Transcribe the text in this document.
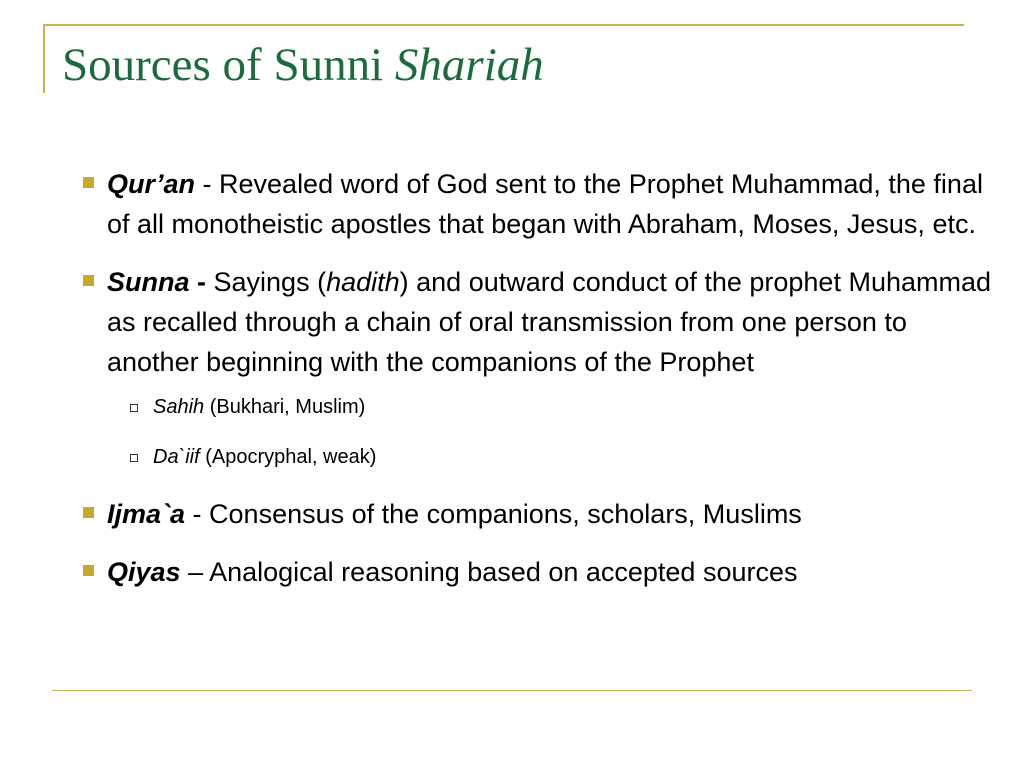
Sources of Sunni Shariah
Qur’an - Revealed word of God sent to the Prophet Muhammad, the final of all monotheistic apostles that began with Abraham, Moses, Jesus, etc.
Sunna - Sayings (hadith) and outward conduct of the prophet Muhammad as recalled through a chain of oral transmission from one person to another beginning with the companions of the Prophet
Sahih (Bukhari, Muslim)
Da`iif (Apocryphal, weak)
Ijma`a - Consensus of the companions, scholars, Muslims
Qiyas – Analogical reasoning based on accepted sources
